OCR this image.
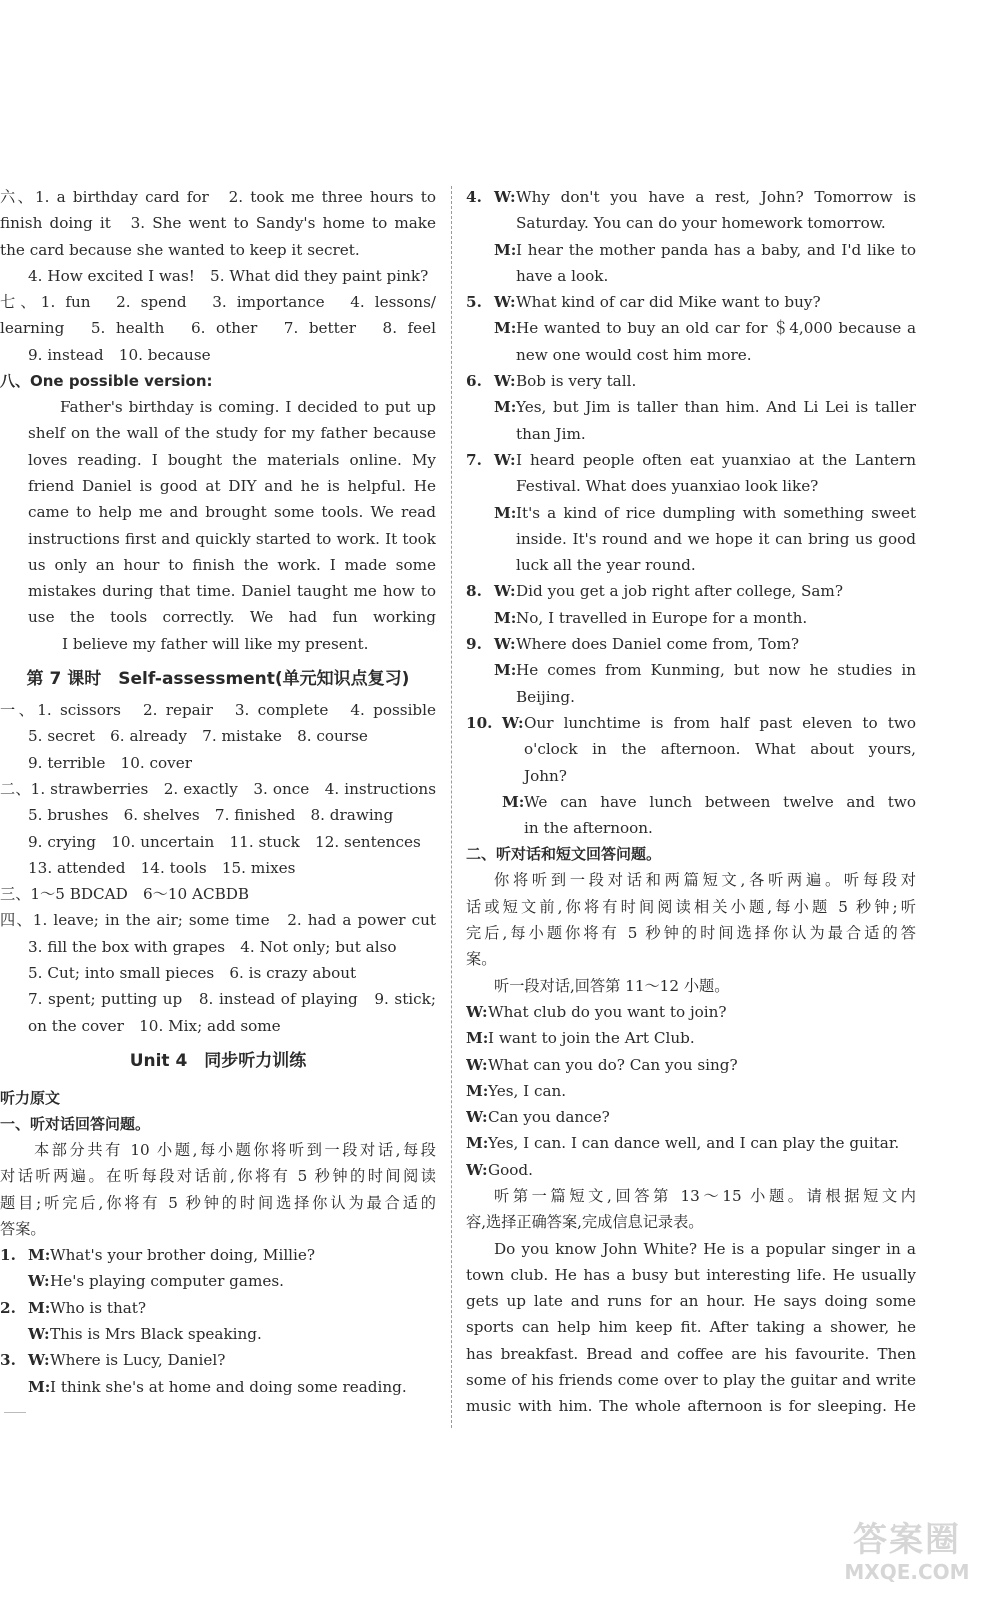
六、1. a birthday card for　2. took me three hours to
finish doing it　3. She went to Sandy's home to make
the card because she wanted to keep it secret.
4. How excited I was!　5. What did they paint pink?
七、1. fun　2. spend　3. importance　4. lessons/
learning　5. health　6. other　7. better　8. feel
9. instead　10. because
八、One possible version:
Father's birthday is coming. I decided to put up
shelf on the wall of the study for my father because
loves reading. I bought the materials online. My
friend Daniel is good at DIY and he is helpful. He
came to help me and brought some tools. We read
instructions first and quickly started to work. It took
us only an hour to finish the work. I made some
mistakes during that time. Daniel taught me how to
use the tools correctly. We had fun working
I believe my father will like my present.
第 7 课时　Self-assessment(单元知识点复习)
一、1. scissors　2. repair　3. complete　4. possible
5. secret　6. already　7. mistake　8. course
9. terrible　10. cover
二、1. strawberries　2. exactly　3. once　4. instructions
5. brushes　6. shelves　7. finished　8. drawing
9. crying　10. uncertain　11. stuck　12. sentences
13. attended　14. tools　15. mixes
三、1～5 BDCAD　6～10 ACBDB
四、1. leave; in the air; some time　2. had a power cut
3. fill the box with grapes　4. Not only; but also
5. Cut; into small pieces　6. is crazy about
7. spent; putting up　8. instead of playing　9. stick;
on the cover　10. Mix; add some
Unit 4　同步听力训练
听力原文
一、听对话回答问题。
本部分共有 10 小题,每小题你将听到一段对话,每段
对话听两遍。在听每段对话前,你将有 5 秒钟的时间阅读
题目;听完后,你将有 5 秒钟的时间选择你认为最合适的
答案。
1. M: What's your brother doing, Millie?
W: He's playing computer games.
2. M: Who is that?
W: This is Mrs Black speaking.
3. W: Where is Lucy, Daniel?
M: I think she's at home and doing some reading.
4. W: Why don't you have a rest, John? Tomorrow is
Saturday. You can do your homework tomorrow.
M: I hear the mother panda has a baby, and I'd like to
have a look.
5. W: What kind of car did Mike want to buy?
M: He wanted to buy an old car for ＄4,000 because a
new one would cost him more.
6. W: Bob is very tall.
M: Yes, but Jim is taller than him. And Li Lei is taller
than Jim.
7. W: I heard people often eat yuanxiao at the Lantern
Festival. What does yuanxiao look like?
M: It's a kind of rice dumpling with something sweet
inside. It's round and we hope it can bring us good
luck all the year round.
8. W: Did you get a job right after college, Sam?
M: No, I travelled in Europe for a month.
9. W: Where does Daniel come from, Tom?
M: He comes from Kunming, but now he studies in
Beijing.
10. W: Our lunchtime is from half past eleven to two
o'clock in the afternoon. What about yours,
John?
M: We can have lunch between twelve and two
in the afternoon.
二、听对话和短文回答问题。
你将听到一段对话和两篇短文,各听两遍。听每段对
话或短文前,你将有时间阅读相关小题,每小题 5 秒钟;听
完后,每小题你将有 5 秒钟的时间选择你认为最合适的答
案。
听一段对话,回答第 11～12 小题。
W: What club do you want to join?
M: I want to join the Art Club.
W: What can you do? Can you sing?
M: Yes, I can.
W: Can you dance?
M: Yes, I can. I can dance well, and I can play the guitar.
W: Good.
听第一篇短文,回答第 13～15 小题。请根据短文内
容,选择正确答案,完成信息记录表。
Do you know John White? He is a popular singer in a
town club. He has a busy but interesting life. He usually
gets up late and runs for an hour. He says doing some
sports can help him keep fit. After taking a shower, he
has breakfast. Bread and coffee are his favourite. Then
some of his friends come over to play the guitar and write
music with him. The whole afternoon is for sleeping. He
答案圈
MXQE.COM
